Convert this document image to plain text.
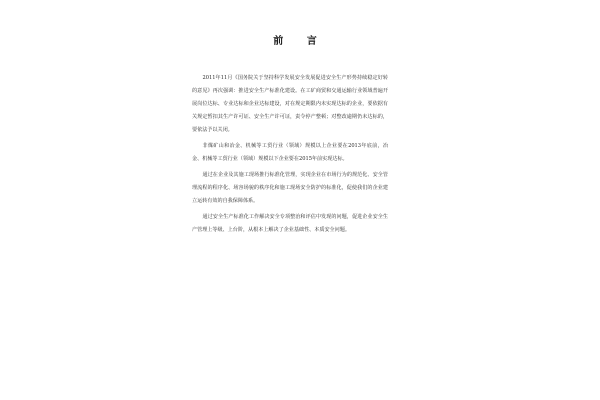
前 言

2011年11月《国务院关于坚持科学发展安全发展促进安全生产形势持续稳定好转的意见》再次强调：推进安全生产标准化建设。在工矿商贸和交通运输行业领域普遍开展岗位达标、专业达标和企业达标建设，对在规定期限内未实现达标的企业，要依据有关规定暂扣其生产许可证、安全生产许可证，责令停产整顿；对整改逾期仍未达标的，要依法予以关闭。

非煤矿山和冶金、机械等工贸行业（领域）规模以上企业要在2013年底前，冶金、机械等工贸行业（领域）规模以下企业要在2015年前实现达标。

通过在企业及其施工现场推行标准化管理，实现企业在市场行为的规范化、安全管理流程的程序化、场容场貌的秩序化和施工现场安全防护的标准化，促使我们的企业建立运转有效的自我保障体系。

通过安全生产标准化工作解决安全专项整治和评估中发现的问题，促进企业安全生产管理上等级、上台阶，从根本上解决了企业基础性、本质安全问题。
